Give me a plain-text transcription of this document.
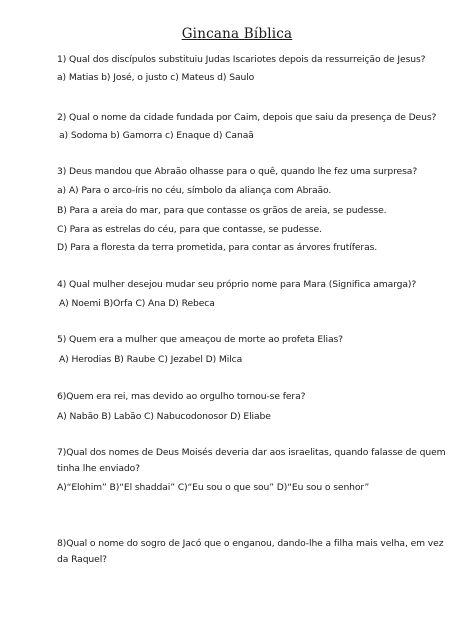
Gincana Bíblica
1) Qual dos discípulos substituiu Judas Iscariotes depois da ressurreição de Jesus?
a) Matias b) José, o justo c) Mateus d) Saulo
2) Qual o nome da cidade fundada por Caim, depois que saiu da presença de Deus?
a) Sodoma b) Gamorra c) Enaque d) Canaã
3) Deus mandou que Abraão olhasse para o quê, quando lhe fez uma surpresa?
a) A) Para o arco-íris no céu, símbolo da aliança com Abraão.
B) Para a areia do mar, para que contasse os grãos de areia, se pudesse.
C) Para as estrelas do céu, para que contasse, se pudesse.
D) Para a floresta da terra prometida, para contar as árvores frutíferas.
4) Qual mulher desejou mudar seu próprio nome para Mara (Significa amarga)?
A) Noemi B)Orfa C) Ana D) Rebeca
5) Quem era a mulher que ameaçou de morte ao profeta Elias?
A) Herodias B) Raube C) Jezabel D) Milca
6)Quem era rei, mas devido ao orgulho tornou-se fera?
A) Nabão B) Labão C) Nabucodonosor D) Eliabe
7)Qual dos nomes de Deus Moisés deveria dar aos israelitas, quando falasse de quem
tinha lhe enviado?
A)“Elohim” B)“El shaddai” C)“Eu sou o que sou” D)“Eu sou o senhor”
8)Qual o nome do sogro de Jacó que o enganou, dando-lhe a filha mais velha, em vez
da Raquel?
